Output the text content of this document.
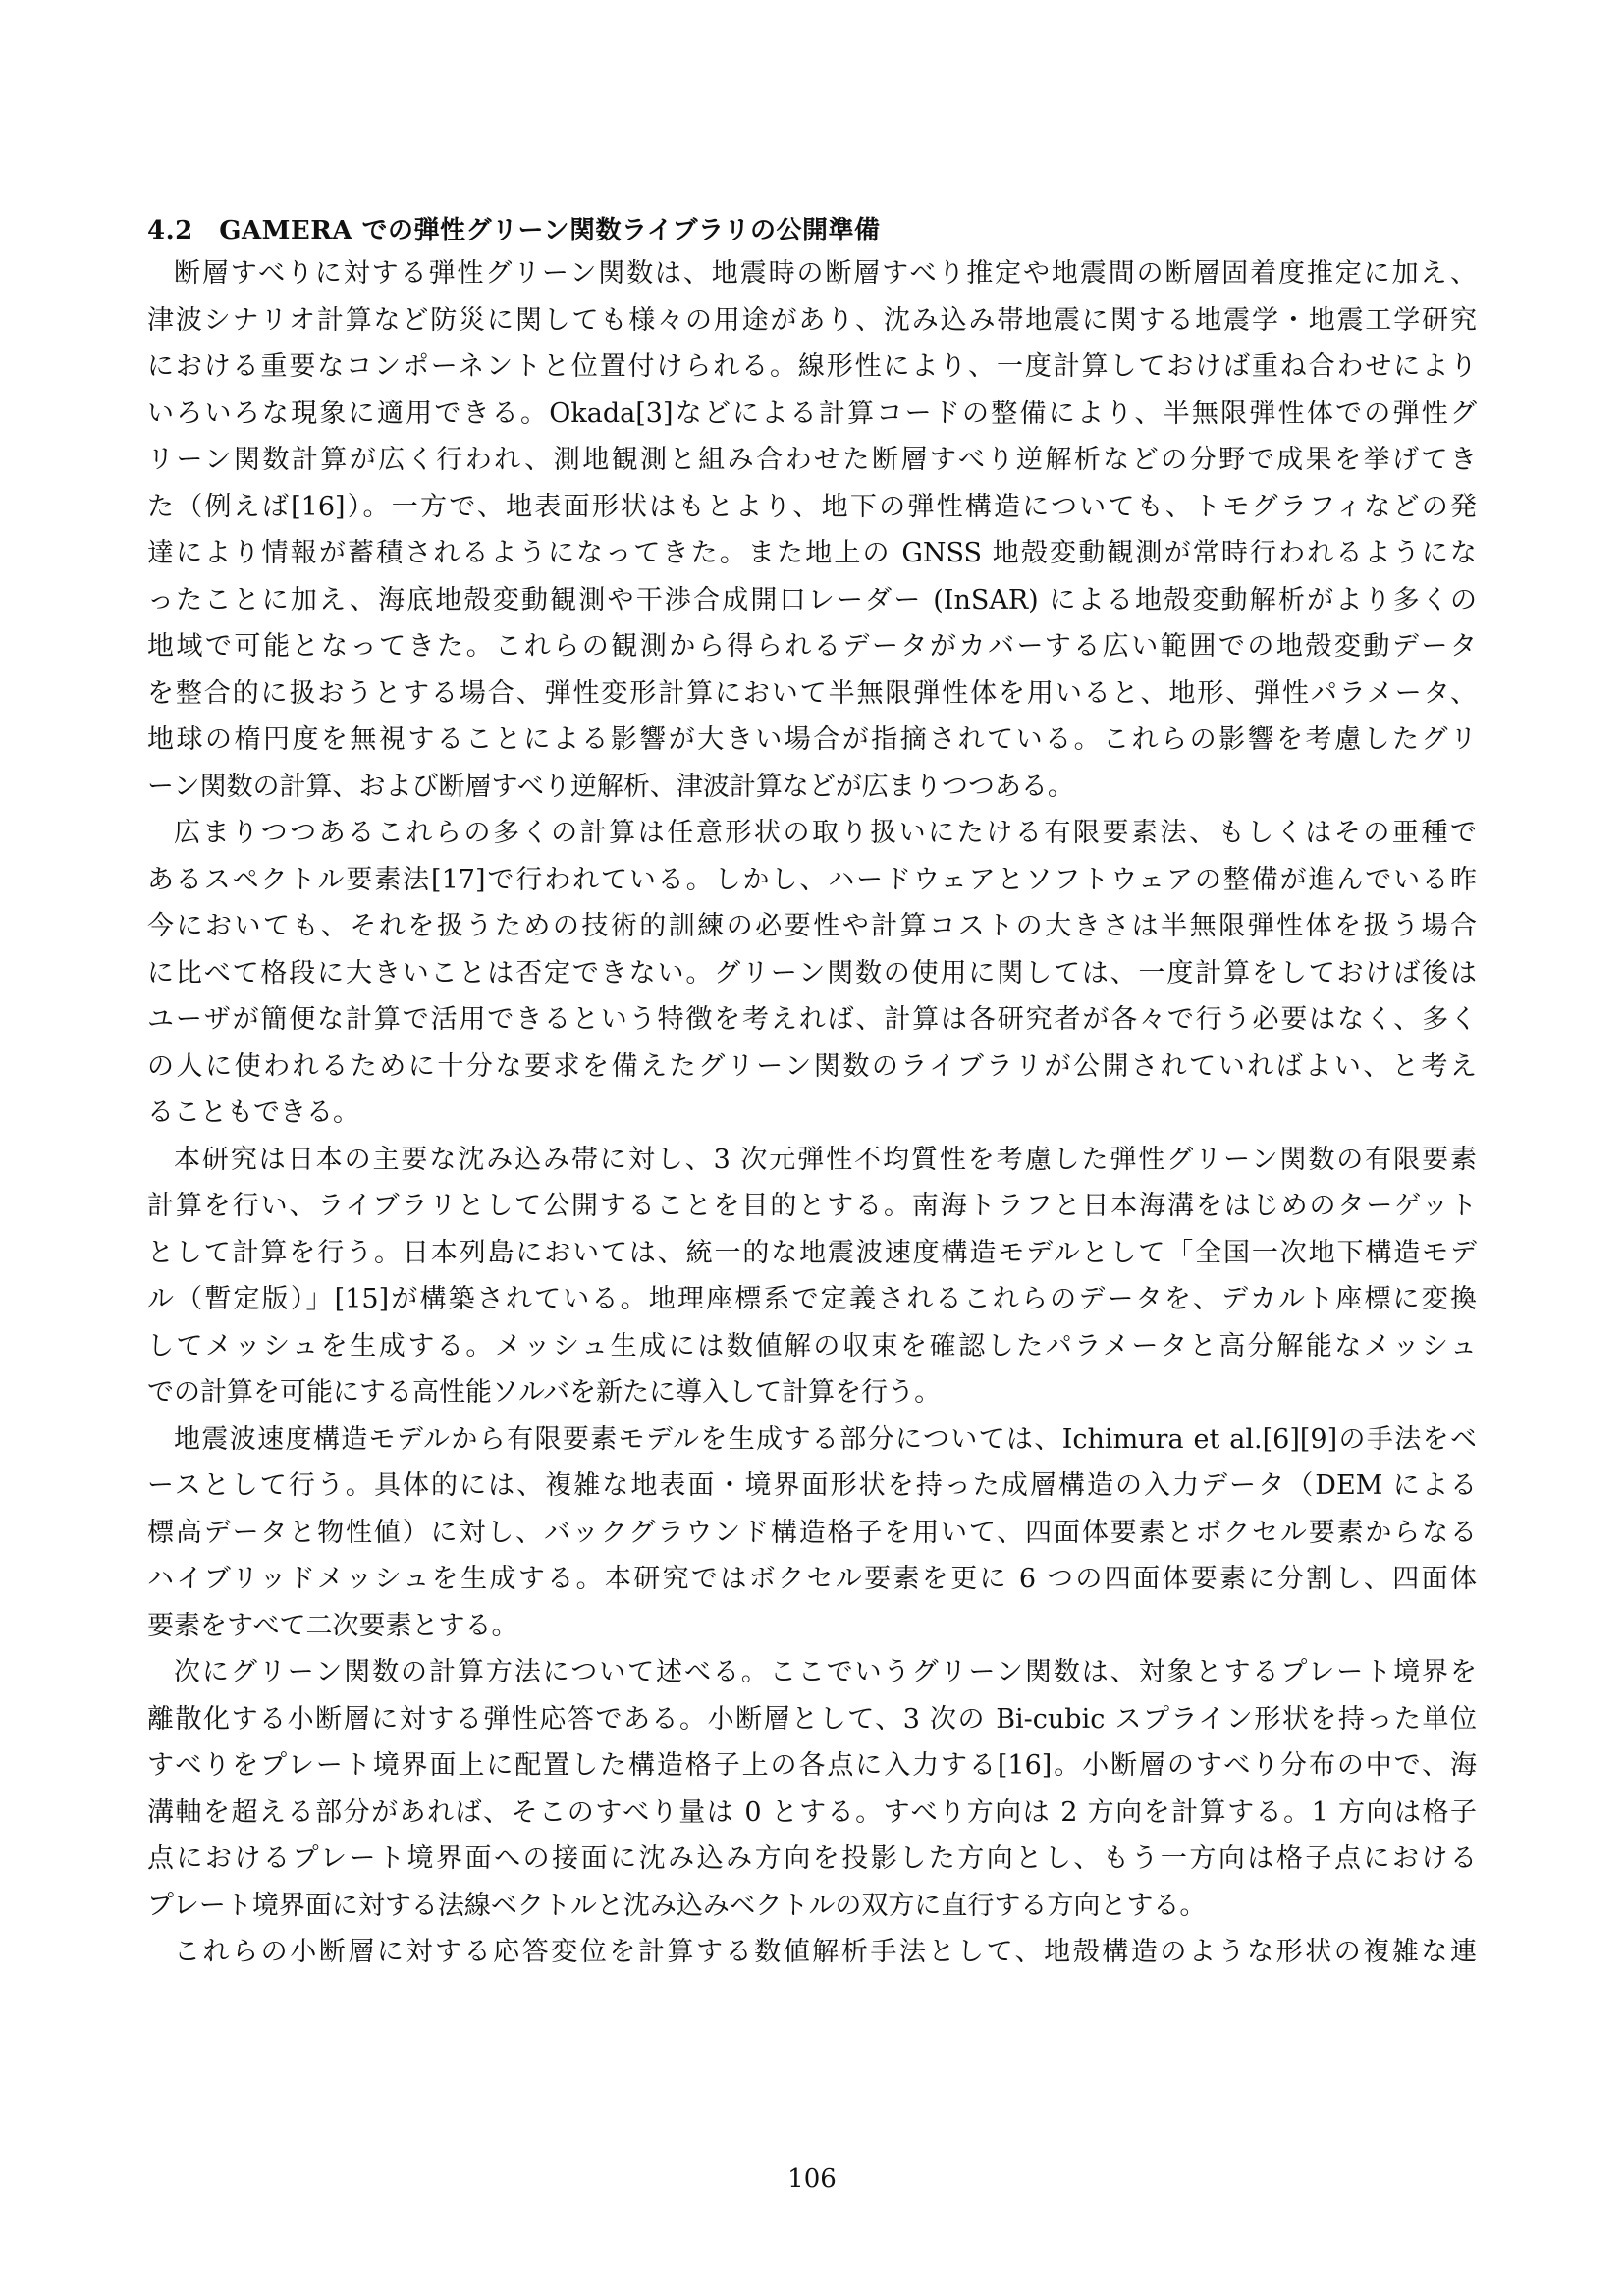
4.2　GAMERA での弾性グリーン関数ライブラリの公開準備
断層すべりに対する弾性グリーン関数は、地震時の断層すべり推定や地震間の断層固着度推定に加え、
津波シナリオ計算など防災に関しても様々の用途があり、沈み込み帯地震に関する地震学・地震工学研究
における重要なコンポーネントと位置付けられる。線形性により、一度計算しておけば重ね合わせにより
いろいろな現象に適用できる。Okada[3]などによる計算コードの整備により、半無限弾性体での弾性グ
リーン関数計算が広く行われ、測地観測と組み合わせた断層すべり逆解析などの分野で成果を挙げてき
た（例えば[16]）。一方で、地表面形状はもとより、地下の弾性構造についても、トモグラフィなどの発
達により情報が蓄積されるようになってきた。また地上の GNSS 地殻変動観測が常時行われるようにな
ったことに加え、海底地殻変動観測や干渉合成開口レーダー (InSAR) による地殻変動解析がより多くの
地域で可能となってきた。これらの観測から得られるデータがカバーする広い範囲での地殻変動データ
を整合的に扱おうとする場合、弾性変形計算において半無限弾性体を用いると、地形、弾性パラメータ、
地球の楕円度を無視することによる影響が大きい場合が指摘されている。これらの影響を考慮したグリ
ーン関数の計算、および断層すべり逆解析、津波計算などが広まりつつある。
広まりつつあるこれらの多くの計算は任意形状の取り扱いにたける有限要素法、もしくはその亜種で
あるスペクトル要素法[17]で行われている。しかし、ハードウェアとソフトウェアの整備が進んでいる昨
今においても、それを扱うための技術的訓練の必要性や計算コストの大きさは半無限弾性体を扱う場合
に比べて格段に大きいことは否定できない。グリーン関数の使用に関しては、一度計算をしておけば後は
ユーザが簡便な計算で活用できるという特徴を考えれば、計算は各研究者が各々で行う必要はなく、多く
の人に使われるために十分な要求を備えたグリーン関数のライブラリが公開されていればよい、と考え
ることもできる。
本研究は日本の主要な沈み込み帯に対し、3 次元弾性不均質性を考慮した弾性グリーン関数の有限要素
計算を行い、ライブラリとして公開することを目的とする。南海トラフと日本海溝をはじめのターゲット
として計算を行う。日本列島においては、統一的な地震波速度構造モデルとして「全国一次地下構造モデ
ル（暫定版）」[15]が構築されている。地理座標系で定義されるこれらのデータを、デカルト座標に変換
してメッシュを生成する。メッシュ生成には数値解の収束を確認したパラメータと高分解能なメッシュ
での計算を可能にする高性能ソルバを新たに導入して計算を行う。
地震波速度構造モデルから有限要素モデルを生成する部分については、Ichimura et al.[6][9]の手法をベ
ースとして行う。具体的には、複雑な地表面・境界面形状を持った成層構造の入力データ（DEM による
標高データと物性値）に対し、バックグラウンド構造格子を用いて、四面体要素とボクセル要素からなる
ハイブリッドメッシュを生成する。本研究ではボクセル要素を更に 6 つの四面体要素に分割し、四面体
要素をすべて二次要素とする。
次にグリーン関数の計算方法について述べる。ここでいうグリーン関数は、対象とするプレート境界を
離散化する小断層に対する弾性応答である。小断層として、3 次の Bi-cubic スプライン形状を持った単位
すべりをプレート境界面上に配置した構造格子上の各点に入力する[16]。小断層のすべり分布の中で、海
溝軸を超える部分があれば、そこのすべり量は 0 とする。すべり方向は 2 方向を計算する。1 方向は格子
点におけるプレート境界面への接面に沈み込み方向を投影した方向とし、もう一方向は格子点における
プレート境界面に対する法線ベクトルと沈み込みベクトルの双方に直行する方向とする。
これらの小断層に対する応答変位を計算する数値解析手法として、地殻構造のような形状の複雑な連
106
